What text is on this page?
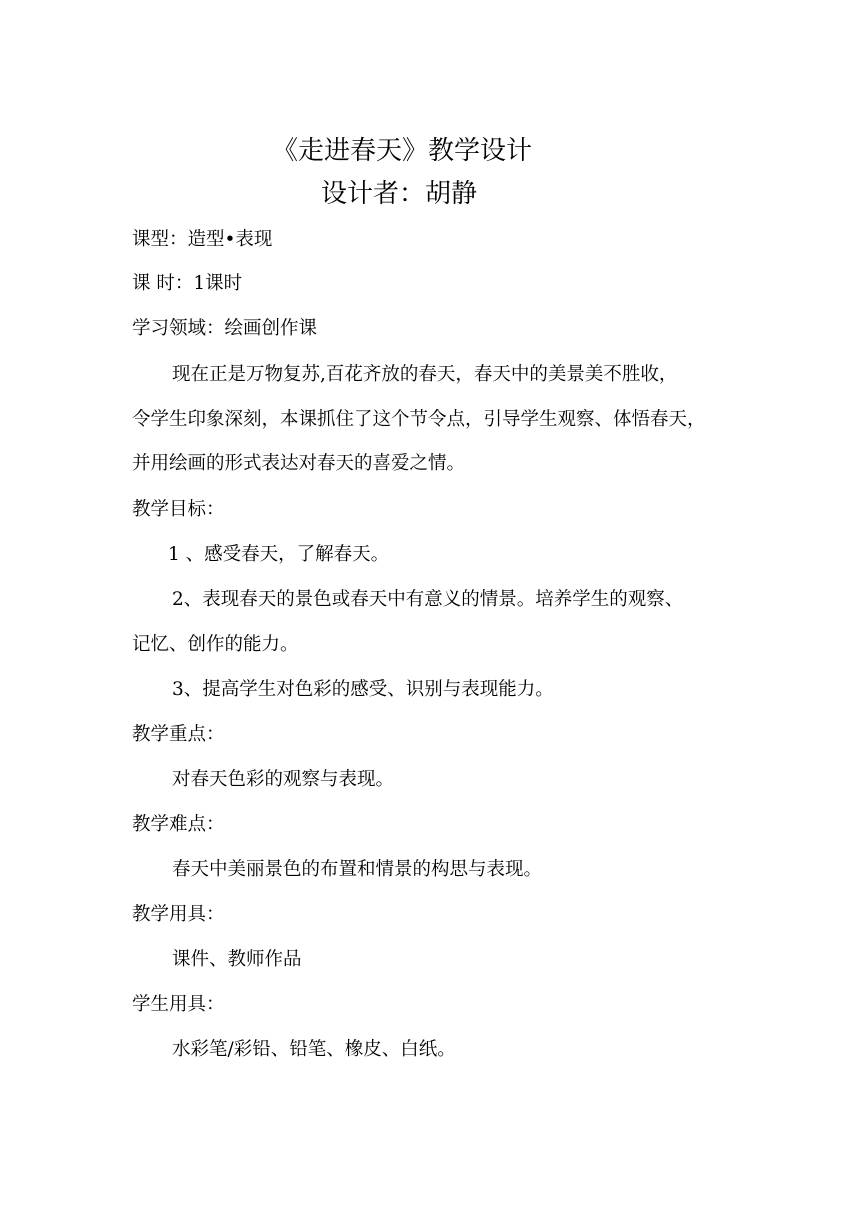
《走进春天》教学设计

设计者：胡静

课型：造型•表现

课 时：1课时

学习领域：绘画创作课

现在正是万物复苏,百花齐放的春天，春天中的美景美不胜收，

令学生印象深刻，本课抓住了这个节令点，引导学生观察、体悟春天，

并用绘画的形式表达对春天的喜爱之情。

教学目标：

1 、感受春天，了解春天。

2、表现春天的景色或春天中有意义的情景。培养学生的观察、

记忆、创作的能力。

3、提高学生对色彩的感受、识别与表现能力。

教学重点：

对春天色彩的观察与表现。

教学难点：

春天中美丽景色的布置和情景的构思与表现。

教学用具：

课件、教师作品

学生用具：

水彩笔/彩铅、铅笔、橡皮、白纸。
